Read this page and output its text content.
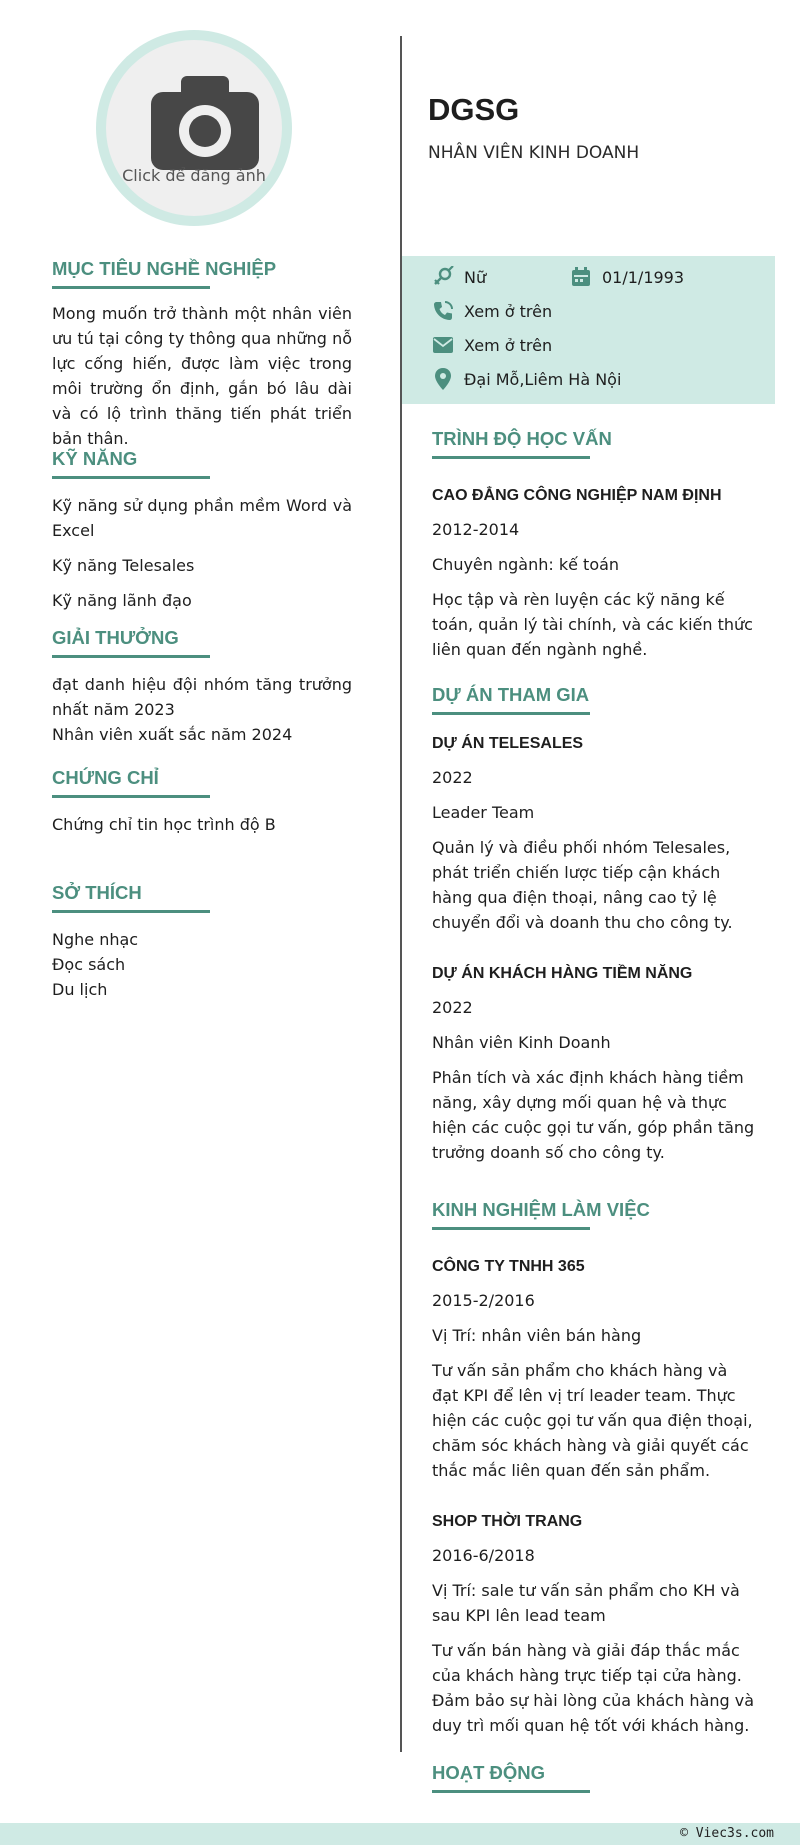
Click để đăng ảnh
DGSG
NHÂN VIÊN KINH DOANH
Nữ	01/1/1993
Xem ở trên
Xem ở trên
Đại Mỗ,Liêm Hà Nội
MỤC TIÊU NGHỀ NGHIỆP
Mong muốn trở thành một nhân viên ưu tú tại công ty thông qua những nỗ lực cống hiến, được làm việc trong môi trường ổn định, gắn bó lâu dài và có lộ trình thăng tiến phát triển bản thân.
KỸ NĂNG
Kỹ năng sử dụng phần mềm Word và Excel
Kỹ năng Telesales
Kỹ năng lãnh đạo
GIẢI THƯỞNG
đạt danh hiệu đội nhóm tăng trưởng nhất năm 2023
Nhân viên xuất sắc năm 2024
CHỨNG CHỈ
Chứng chỉ tin học trình độ B
SỞ THÍCH
Nghe nhạc
Đọc sách
Du lịch
TRÌNH ĐỘ HỌC VẤN
CAO ĐẲNG CÔNG NGHIỆP NAM ĐỊNH
2012-2014
Chuyên ngành: kế toán
Học tập và rèn luyện các kỹ năng kế toán, quản lý tài chính, và các kiến thức liên quan đến ngành nghề.
DỰ ÁN THAM GIA
DỰ ÁN TELESALES
2022
Leader Team
Quản lý và điều phối nhóm Telesales, phát triển chiến lược tiếp cận khách hàng qua điện thoại, nâng cao tỷ lệ chuyển đổi và doanh thu cho công ty.
DỰ ÁN KHÁCH HÀNG TIỀM NĂNG
2022
Nhân viên Kinh Doanh
Phân tích và xác định khách hàng tiềm năng, xây dựng mối quan hệ và thực hiện các cuộc gọi tư vấn, góp phần tăng trưởng doanh số cho công ty.
KINH NGHIỆM LÀM VIỆC
CÔNG TY TNHH 365
2015-2/2016
Vị Trí: nhân viên bán hàng
Tư vấn sản phẩm cho khách hàng và đạt KPI để lên vị trí leader team. Thực hiện các cuộc gọi tư vấn qua điện thoại, chăm sóc khách hàng và giải quyết các thắc mắc liên quan đến sản phẩm.
SHOP THỜI TRANG
2016-6/2018
Vị Trí: sale tư vấn sản phẩm cho KH và sau KPI lên lead team
Tư vấn bán hàng và giải đáp thắc mắc của khách hàng trực tiếp tại cửa hàng. Đảm bảo sự hài lòng của khách hàng và duy trì mối quan hệ tốt với khách hàng.
HOẠT ĐỘNG
© Viec3s.com
